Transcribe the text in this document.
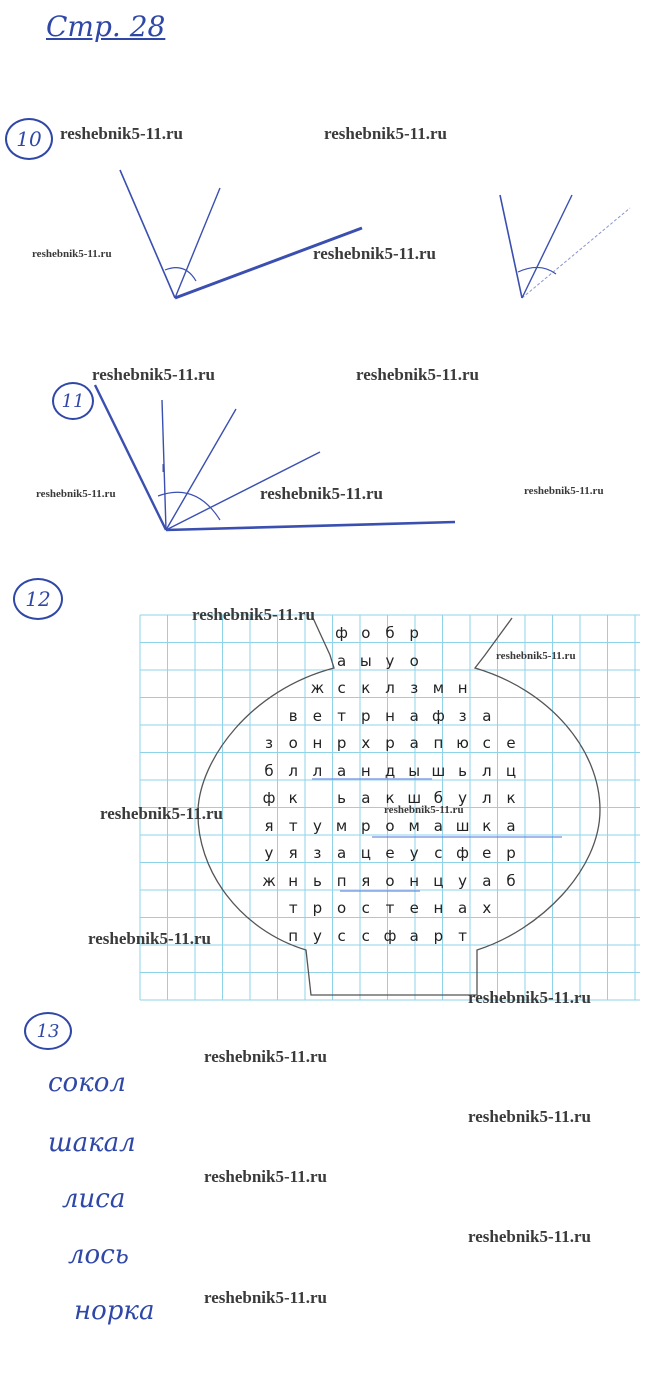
Стр. 28
10
11
12
13
reshebnik5-11.ru	reshebnik5-11.ru
reshebnik5-11.ru	reshebnik5-11.ru
reshebnik5-11.ru	reshebnik5-11.ru
reshebnik5-11.ru	reshebnik5-11.ru	reshebnik5-11.ru
reshebnik5-11.ru
reshebnik5-11.ru
reshebnik5-11.ru	reshebnik5-11.ru
reshebnik5-11.ru
reshebnik5-11.ru
reshebnik5-11.ru
reshebnik5-11.ru
reshebnik5-11.ru
reshebnik5-11.ru
reshebnik5-11.ru
ф о б р
а ы у	о
ж с	к л	з м н
в	е	т	р н а ф з	а
з	о н р х	р а п ю с	е
б л л а н д ы ш ь л ц
ф к	ь	а	к ш б	у л к
я	т	у м р о м а ш к	а
у	я	з	а ц е	у	с ф е р
ж н ь п я	о н ц у	а б
т	р о	с	т	е н а	х
п у	с	с ф а р	т
сокол
шакал
лиса
лось
норка
